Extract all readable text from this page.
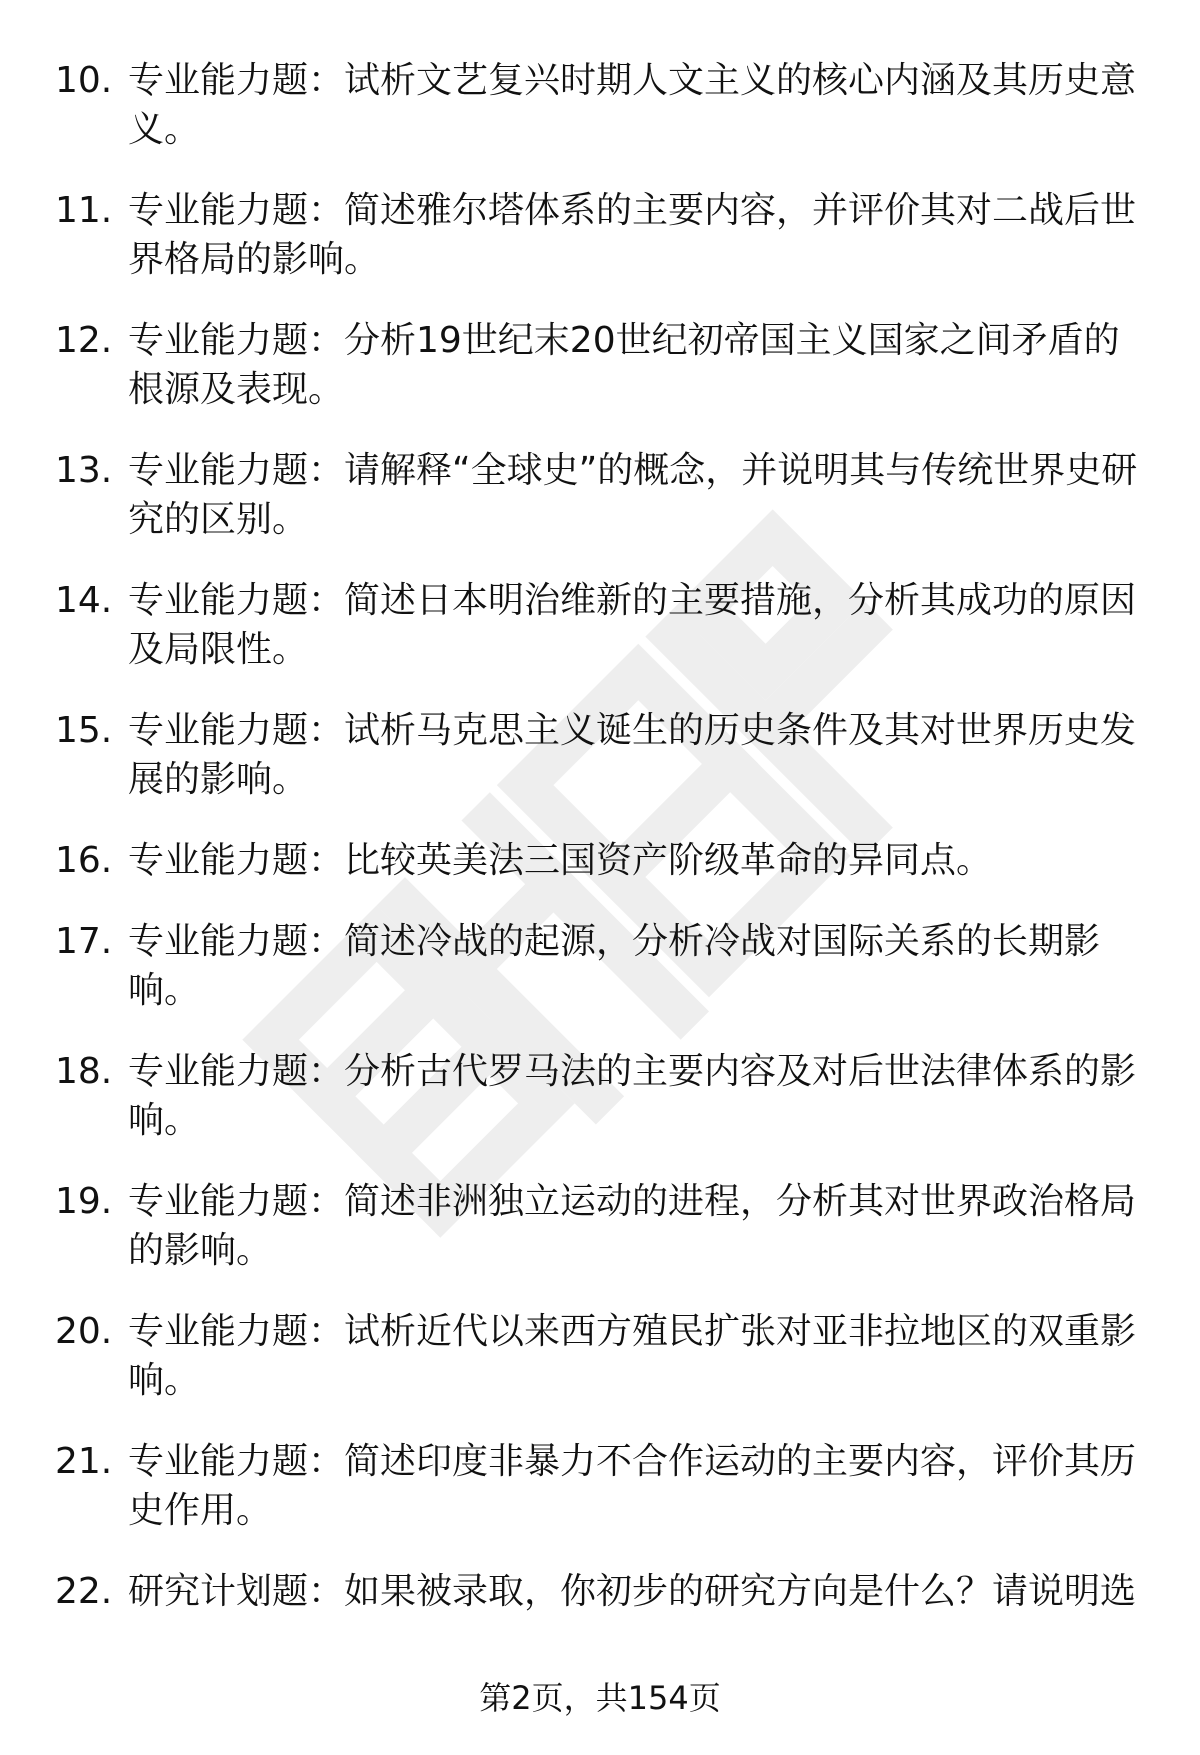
10. 专业能力题：试析文艺复兴时期人文主义的核心内涵及其历史意义。
11. 专业能力题：简述雅尔塔体系的主要内容，并评价其对二战后世界格局的影响。
12. 专业能力题：分析19世纪末20世纪初帝国主义国家之间矛盾的根源及表现。
13. 专业能力题：请解释“全球史”的概念，并说明其与传统世界史研究的区别。
14. 专业能力题：简述日本明治维新的主要措施，分析其成功的原因及局限性。
15. 专业能力题：试析马克思主义诞生的历史条件及其对世界历史发展的影响。
16. 专业能力题：比较英美法三国资产阶级革命的异同点。
17. 专业能力题：简述冷战的起源，分析冷战对国际关系的长期影响。
18. 专业能力题：分析古代罗马法的主要内容及对后世法律体系的影响。
19. 专业能力题：简述非洲独立运动的进程，分析其对世界政治格局的影响。
20. 专业能力题：试析近代以来西方殖民扩张对亚非拉地区的双重影响。
21. 专业能力题：简述印度非暴力不合作运动的主要内容，评价其历史作用。
22. 研究计划题：如果被录取，你初步的研究方向是什么？请说明选
第2页，共154页
